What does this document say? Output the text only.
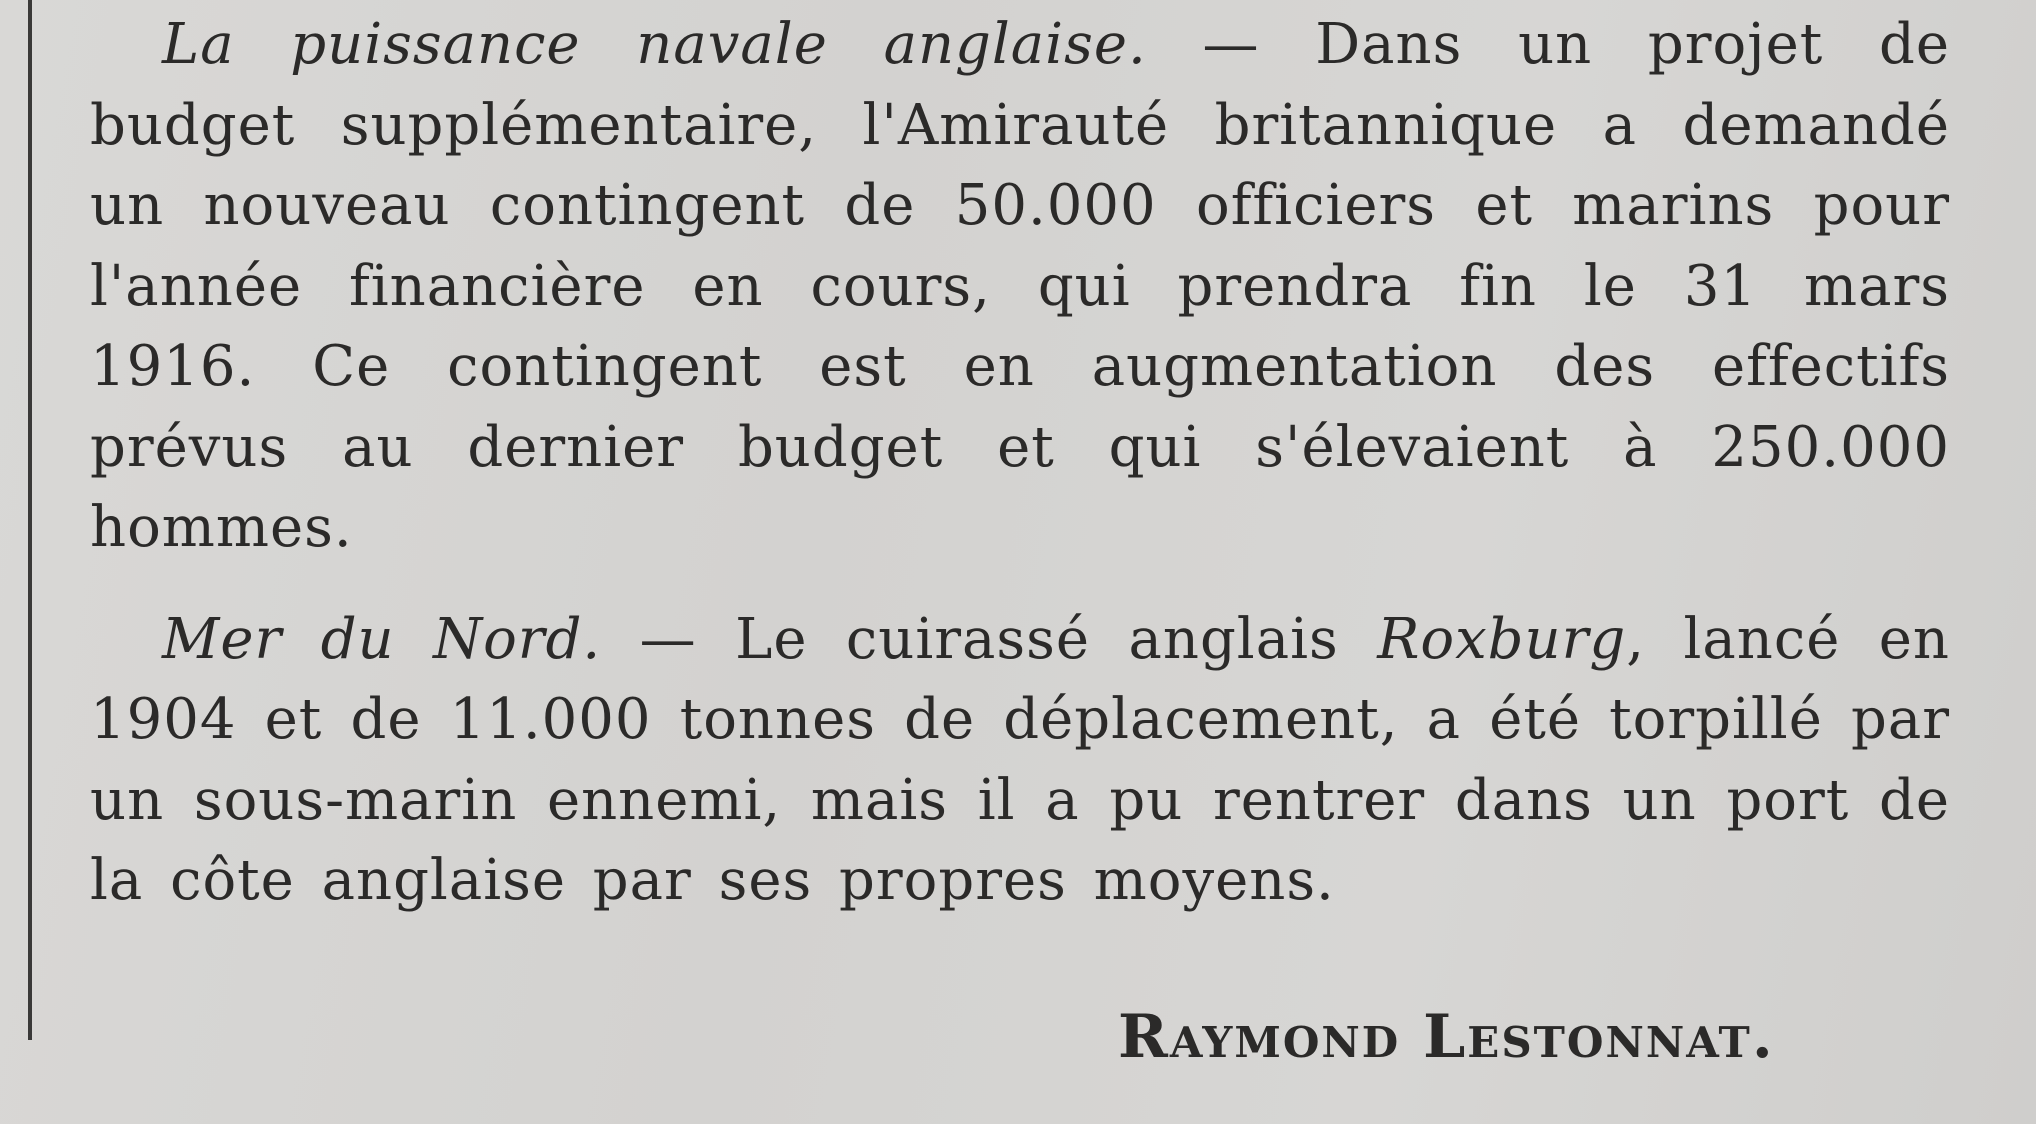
La puissance navale anglaise. — Dans un projet de budget supplémentaire, l'Amirauté britannique a demandé un nouveau contingent de 50.000 officiers et marins pour l'année financière en cours, qui prendra fin le 31 mars 1916. Ce contingent est en augmentation des effectifs prévus au dernier budget et qui s'élevaient à 250.000 hommes.

Mer du Nord. — Le cuirassé anglais Roxburg, lancé en 1904 et de 11.000 tonnes de déplacement, a été torpillé par un sous-marin ennemi, mais il a pu rentrer dans un port de la côte anglaise par ses propres moyens.

Raymond Lestonnat.
